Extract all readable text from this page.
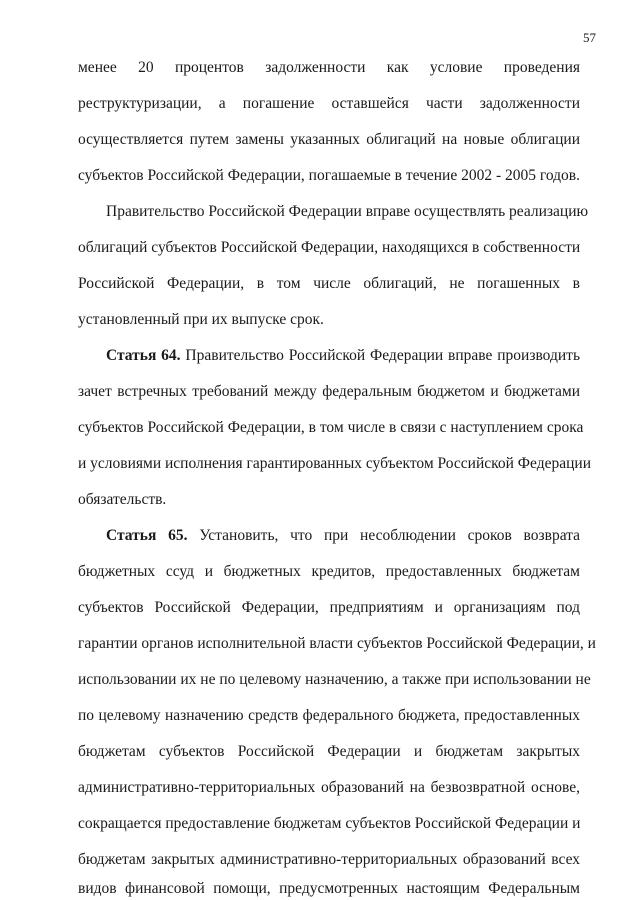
57
менее 20 процентов задолженности как условие проведения
реструктуризации, а погашение оставшейся части задолженности
осуществляется путем замены указанных облигаций на новые облигации
субъектов Российской Федерации, погашаемые в течение 2002 - 2005 годов.
Правительство Российской Федерации вправе осуществлять реализацию
облигаций субъектов Российской Федерации, находящихся в собственности
Российской Федерации, в том числе облигаций, не погашенных в
установленный при их выпуске срок.
Статья 64. Правительство Российской Федерации вправе производить
зачет встречных требований между федеральным бюджетом и бюджетами
субъектов Российской Федерации, в том числе в связи с наступлением срока
и условиями исполнения гарантированных субъектом Российской Федерации
обязательств.
Статья 65. Установить, что при несоблюдении сроков возврата
бюджетных ссуд и бюджетных кредитов, предоставленных бюджетам
субъектов Российской Федерации, предприятиям и организациям под
гарантии органов исполнительной власти субъектов Российской Федерации, и
использовании их не по целевому назначению, а также при использовании не
по целевому назначению средств федерального бюджета, предоставленных
бюджетам субъектов Российской Федерации и бюджетам закрытых
административно-территориальных образований на безвозвратной основе,
сокращается предоставление бюджетам субъектов Российской Федерации и
бюджетам закрытых административно-территориальных образований всех
видов финансовой помощи, предусмотренных настоящим Федеральным
